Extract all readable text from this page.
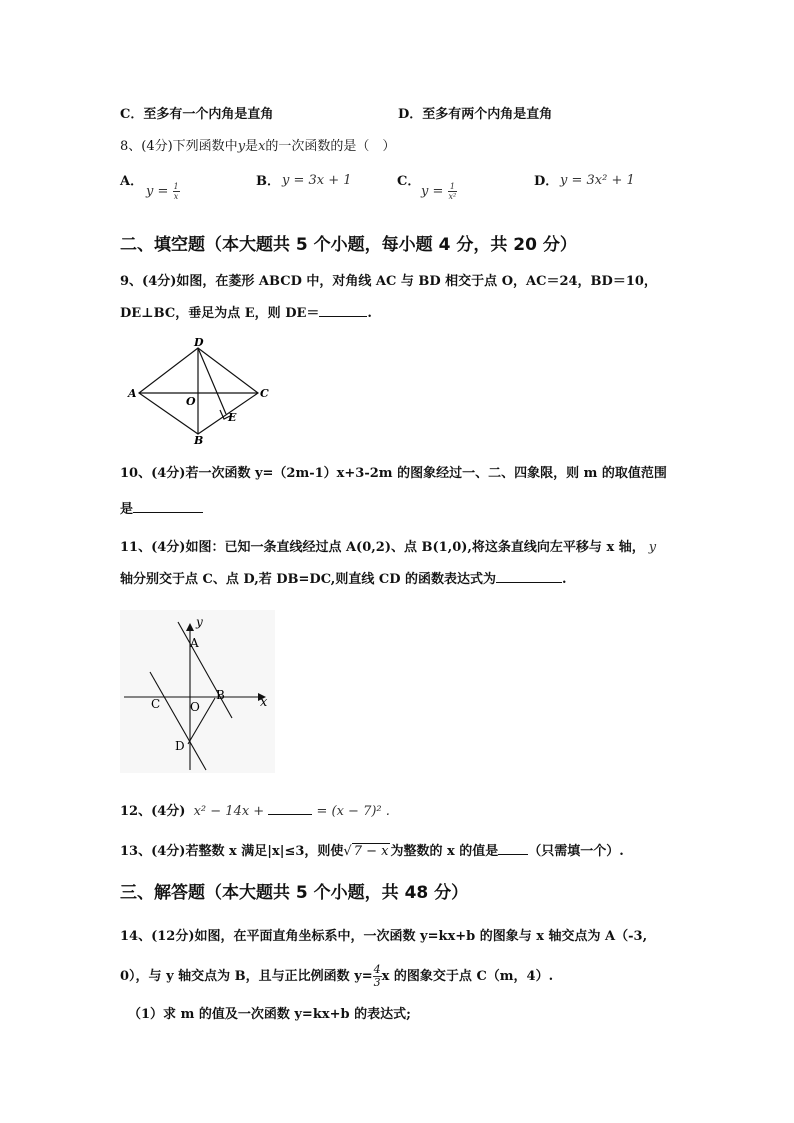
C．至多有一个内角是直角	D．至多有两个内角是直角
8、(4分)下列函数中y是x的一次函数的是（　）
A．
$y = \frac{1}{x}$
B． y = 3x + 1	C．
$y = \frac{1}{\text{x²}}$
D． y = 3x² + 1
二、填空题（本大题共 5 个小题，每小题 4 分，共 20 分）
9、(4分)如图，在菱形 ABCD 中，对角线 AC 与 BD 相交于点 O，AC＝24，BD＝10，
DE⊥BC，垂足为点 E，则 DE＝	.
A
D
C
B
O
E
10、(4分)若一次函数 y=（2m-1）x+3-2m 的图象经过一、二、四象限，则 m 的取值范围
是
11、(4分)如图：已知一条直线经过点 A(0,2)、点 B(1,0),将这条直线向左平移与 x 轴， y
轴分别交于点 C、点 D,若 DB=DC,则直线 CD 的函数表达式为	.
y
x
A
B
C O
D
12、(4分) x² − 14x +	= (x − 7)² .
13、(4分)若整数 x 满足|x|≤3，则使√ 7 − x 为整数的 x 的值是 （只需填一个）.
三、解答题（本大题共 5 个小题，共 48 分）
14、(12分)如图，在平面直角坐标系中，一次函数 y=kx+b 的图象与 x 轴交点为 A（-3,
0），与 y 轴交点为 B，且与正比例函数 $y= \frac{4}{3}$ x 的图象交于点 C（m，4）.
（1）求 m 的值及一次函数 y=kx+b 的表达式;
